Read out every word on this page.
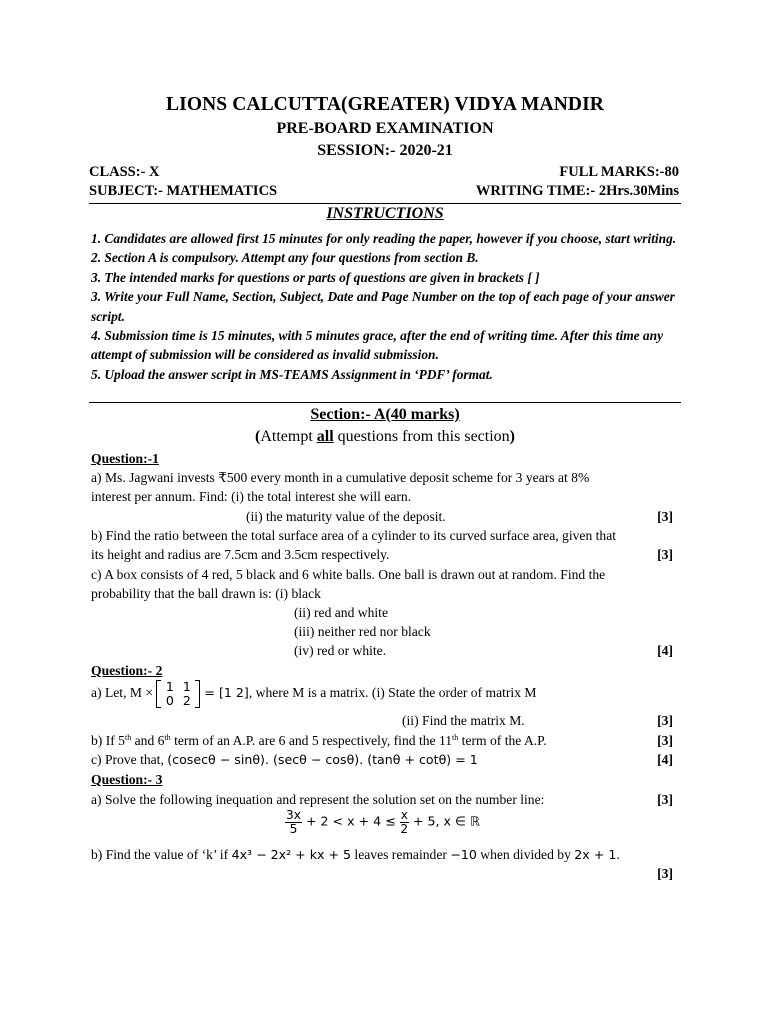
LIONS CALCUTTA(GREATER) VIDYA MANDIR
PRE-BOARD EXAMINATION
SESSION:- 2020-21
CLASS:- X	FULL MARKS:-80
SUBJECT:- MATHEMATICS	WRITING TIME:- 2Hrs.30Mins
INSTRUCTIONS

1. Candidates are allowed first 15 minutes for only reading the paper, however if you choose, start writing.

2. Section A is compulsory. Attempt any four questions from section B.

3. The intended marks for questions or parts of questions are given in brackets [ ]

3. Write your Full Name, Section, Subject, Date and Page Number on the top of each page of your answer script.

4. Submission time is 15 minutes, with 5 minutes grace, after the end of writing time. After this time any attempt of submission will be considered as invalid submission.

5. Upload the answer script in MS-TEAMS Assignment in ‘PDF’ format.

Section:- A(40 marks)
(Attempt all questions from this section)
Question:-1
a) Ms. Jagwani invests ₹500 every month in a cumulative deposit scheme for 3 years at 8%
interest per annum. Find: (i) the total interest she will earn.
(ii) the maturity value of the deposit.	[3]
b) Find the ratio between the total surface area of a cylinder to its curved surface area, given that
its height and radius are 7.5cm and 3.5cm respectively.	[3]
c) A box consists of 4 red, 5 black and 6 white balls. One ball is drawn out at random. Find the
probability that the ball drawn is: (i) black
(ii) red and white
(iii) neither red nor black
(iv) red or white.	[4]
Question:- 2
a) Let, M × 1 1
0 2
= [1 2], where M is a matrix. (i) State the order of matrix M
(ii) Find the matrix M.	[3]
b) If 5th and 6th term of an A.P. are 6 and 5 respectively, find the 11th term of the A.P.	[3]
c) Prove that, (cosecθ − sinθ). (secθ − cosθ). (tanθ + cotθ) = 1	[4]
Question:- 3
a) Solve the following inequation and represent the solution set on the number line:	[3]
$\frac{3x}{5} + 2 < x + 4 \le \frac{x}{2} + 5$, x ∈ ℝ
b) Find the value of ‘k’ if 4x³ − 2x² + kx + 5 leaves remainder −10 when divided by 2x + 1.
[3]
